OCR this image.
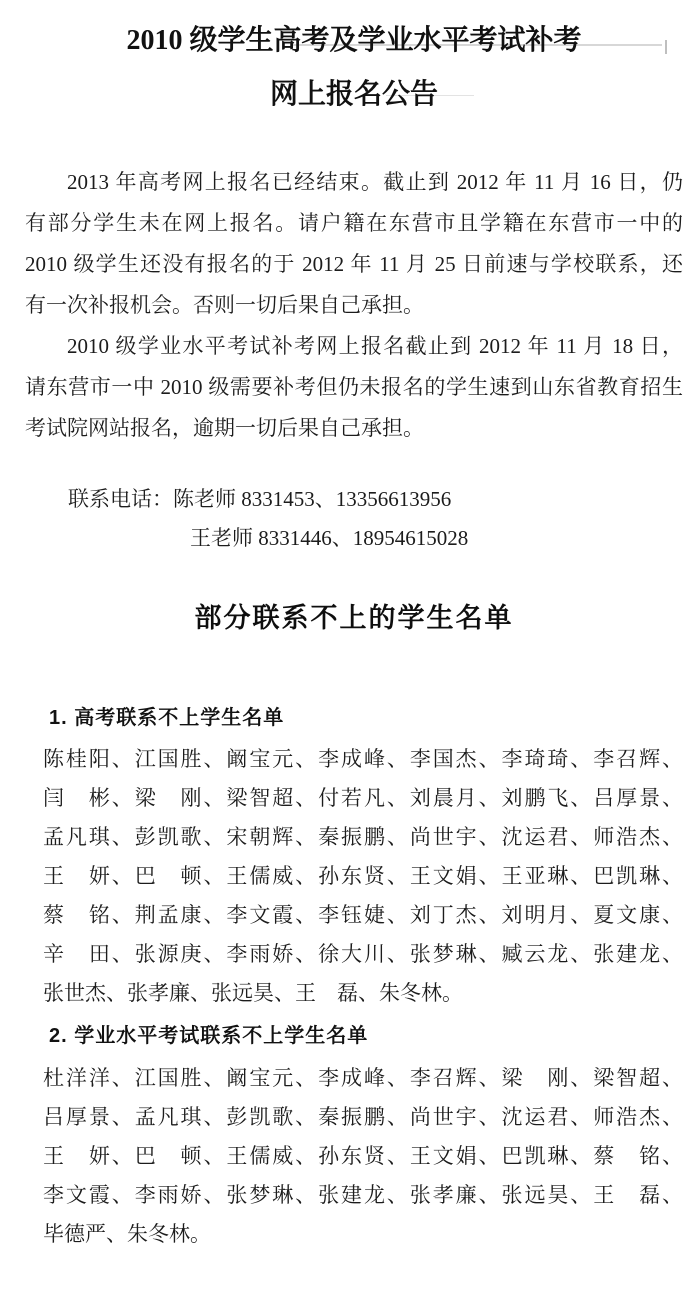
2010 级学生高考及学业水平考试补考
网上报名公告
2013 年高考网上报名已经结束。截止到 2012 年 11 月 16 日，仍
有部分学生未在网上报名。请户籍在东营市且学籍在东营市一中的
2010 级学生还没有报名的于 2012 年 11 月 25 日前速与学校联系，还
有一次补报机会。否则一切后果自己承担。
2010 级学业水平考试补考网上报名截止到 2012 年 11 月 18 日，
请东营市一中 2010 级需要补考但仍未报名的学生速到山东省教育招生
考试院网站报名，逾期一切后果自己承担。
联系电话：陈老师 8331453、13356613956
王老师 8331446、18954615028
部分联系不上的学生名单
1. 高考联系不上学生名单
陈桂阳、江国胜、阚宝元、李成峰、李国杰、李琦琦、李召辉、
闫　彬、梁　刚、梁智超、付若凡、刘晨月、刘鹏飞、吕厚景、
孟凡琪、彭凯歌、宋朝辉、秦振鹏、尚世宇、沈运君、师浩杰、
王　妍、巴　顿、王儒威、孙东贤、王文娟、王亚琳、巴凯琳、
蔡　铭、荆孟康、李文霞、李钰婕、刘丁杰、刘明月、夏文康、
辛　田、张源庚、李雨娇、徐大川、张梦琳、臧云龙、张建龙、
张世杰、张孝廉、张远昊、王　磊、朱冬林。
2. 学业水平考试联系不上学生名单
杜洋洋、江国胜、阚宝元、李成峰、李召辉、梁　刚、梁智超、
吕厚景、孟凡琪、彭凯歌、秦振鹏、尚世宇、沈运君、师浩杰、
王　妍、巴　顿、王儒威、孙东贤、王文娟、巴凯琳、蔡　铭、
李文霞、李雨娇、张梦琳、张建龙、张孝廉、张远昊、王　磊、
毕德严、朱冬林。
